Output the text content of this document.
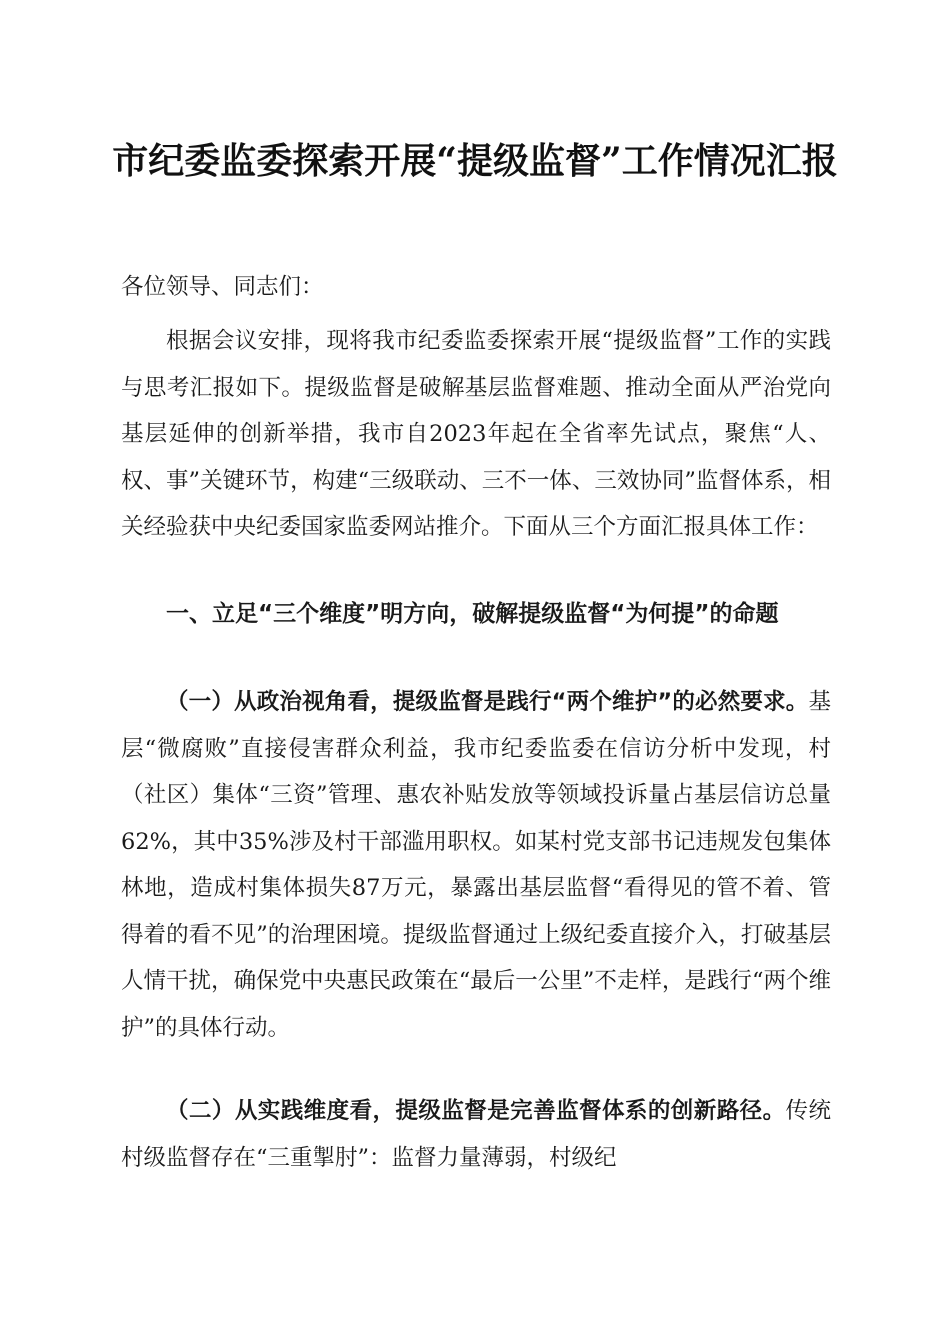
市纪委监委探索开展“提级监督”工作情况汇报

各位领导、同志们：

根据会议安排，现将我市纪委监委探索开展“提级监督”工作的实践与思考汇报如下。提级监督是破解基层监督难题、推动全面从严治党向基层延伸的创新举措，我市自2023年起在全省率先试点，聚焦“人、权、事”关键环节，构建“三级联动、三不一体、三效协同”监督体系，相关经验获中央纪委国家监委网站推介。下面从三个方面汇报具体工作：

一、立足“三个维度”明方向，破解提级监督“为何提”的命题

（一）从政治视角看，提级监督是践行“两个维护”的必然要求。基层“微腐败”直接侵害群众利益，我市纪委监委在信访分析中发现，村（社区）集体“三资”管理、惠农补贴发放等领域投诉量占基层信访总量62%，其中35%涉及村干部滥用职权。如某村党支部书记违规发包集体林地，造成村集体损失87万元，暴露出基层监督“看得见的管不着、管得着的看不见”的治理困境。提级监督通过上级纪委直接介入，打破基层人情干扰，确保党中央惠民政策在“最后一公里”不走样，是践行“两个维护”的具体行动。

（二）从实践维度看，提级监督是完善监督体系的创新路径。传统村级监督存在“三重掣肘”：监督力量薄弱，村级纪
